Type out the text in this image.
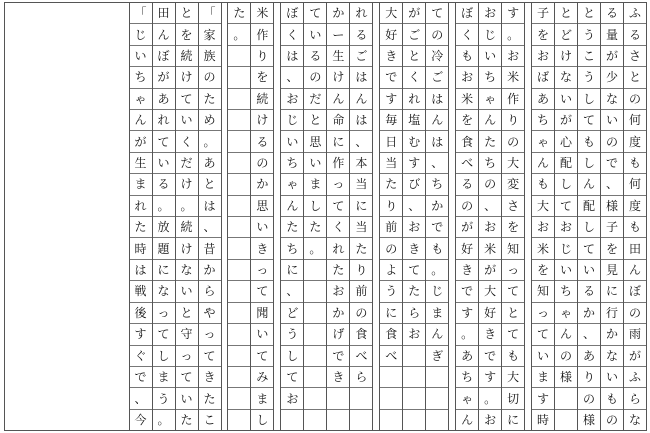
ふ
る
さ
と
の
何
度
も
何
度
も
田
ん
ぼ
の
雨
が
ふ
ら
な
る
量
が
少
な
い
の
で
、
様
子
を
見
に
行
か
な
い
も
の
と
う
こ
う
し
て
も
し
ん
配
し
て
い
る
か
、
あ
り
の
様
と
ど
け
な
い
が
心
配
し
て
お
じ
い
ち
ゃ
ん
の
様
子
を
お
ば
あ
ち
ゃ
ん
も
大
お
米
を
知
っ
て
い
ま
す
時
す
。
お
米
作
り
の
大
変
さ
を
知
っ
て
と
て
も
大
切
に
お
じ
い
ち
ゃ
ん
た
ち
の
、
お
米
が
大
好
き
で
す
。
お
ぼ
く
も
お
米
を
食
べ
る
の
が
好
き
で
す
。
あ
ち
ゃ
ん
て
の
冷
ご
は
ん
は
、
ち
か
で
も
。
じ
ま
ん
ぎ
が
ご
と
く
れ
塩
む
す
び
、
お
き
て
た
ら
お
大
好
き
で
す
毎
日
当
た
り
前
の
よ
う
に
食
べ
れ
る
ご
は
ん
は
、
本
当
に
当
た
り
前
の
食
べ
ら
か
ー
生
け
ん
命
に
作
っ
て
く
れ
た
お
か
げ
で
き
て
い
る
の
だ
と
思
い
ま
し
た
。
ぼ
く
は
、
お
じ
い
ち
ゃ
ん
た
ち
に
、
ど
う
し
て
お
米
作
り
を
続
け
る
の
か
思
い
き
っ
て
聞
い
て
み
ま
し
た
。
「
家
族
の
た
め
。
あ
と
は
、
昔
か
ら
や
っ
て
き
た
こ
と
を
続
け
て
い
く
だ
け
。
続
け
な
い
と
守
っ
て
い
た
田
ん
ぼ
が
あ
れ
て
い
る
。
放
題
に
な
っ
て
し
ま
う
。
「
じ
い
ち
ゃ
ん
が
生
ま
れ
た
時
は
戦
後
す
ぐ
で
、
今
